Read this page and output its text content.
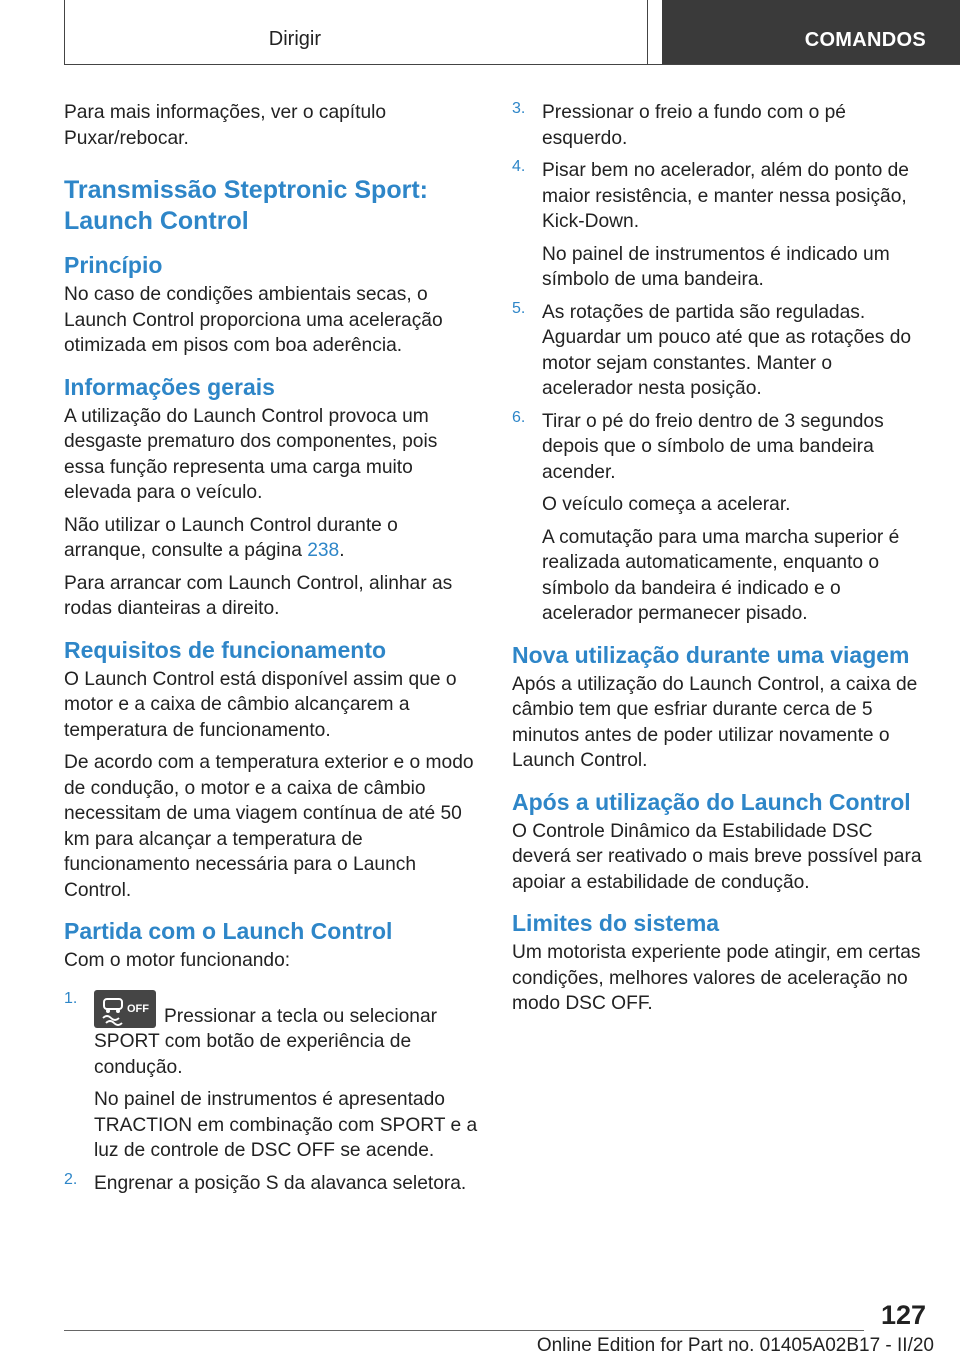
Dirigir	COMANDOS

Para mais informações, ver o capítulo Puxar/rebocar.

Transmissão Steptronic Sport: Launch Control
Princípio

No caso de condições ambientais secas, o Launch Control proporciona uma aceleração otimizada em pisos com boa aderência.

Informações gerais

A utilização do Launch Control provoca um desgaste prematuro dos componentes, pois essa função representa uma carga muito elevada para o veículo.

Não utilizar o Launch Control durante o arranque, consulte a página 238.

Para arrancar com Launch Control, alinhar as rodas dianteiras a direito.

Requisitos de funcionamento

O Launch Control está disponível assim que o motor e a caixa de câmbio alcançarem a temperatura de funcionamento.

De acordo com a temperatura exterior e o modo de condução, o motor e a caixa de câmbio necessitam de uma viagem contínua de até 50 km para alcançar a temperatura de funcionamento necessária para o Launch Control.

Partida com o Launch Control

Com o motor funcionando:

1.

OFF Pressionar a tecla ou selecionar SPORT com botão de experiência de condução.

No painel de instrumentos é apresentado TRACTION em combinação com SPORT e a luz de controle de DSC OFF se acende.

2. Engrenar a posição S da alavanca seletora.

3. Pressionar o freio a fundo com o pé esquerdo.

4. Pisar bem no acelerador, além do ponto de maior resistência, e manter nessa posição, Kick-Down.

No painel de instrumentos é indicado um símbolo de uma bandeira.

5. As rotações de partida são reguladas. Aguardar um pouco até que as rotações do motor sejam constantes. Manter o acelerador nesta posição.

6. Tirar o pé do freio dentro de 3 segundos depois que o símbolo de uma bandeira acender.

O veículo começa a acelerar.

A comutação para uma marcha superior é realizada automaticamente, enquanto o símbolo da bandeira é indicado e o acelerador permanecer pisado.

Nova utilização durante uma viagem

Após a utilização do Launch Control, a caixa de câmbio tem que esfriar durante cerca de 5 minutos antes de poder utilizar novamente o Launch Control.

Após a utilização do Launch Control

O Controle Dinâmico da Estabilidade DSC deverá ser reativado o mais breve possível para apoiar a estabilidade de condução.

Limites do sistema

Um motorista experiente pode atingir, em certas condições, melhores valores de aceleração no modo DSC OFF.

127
Online Edition for Part no. 01405A02B17 - II/20
